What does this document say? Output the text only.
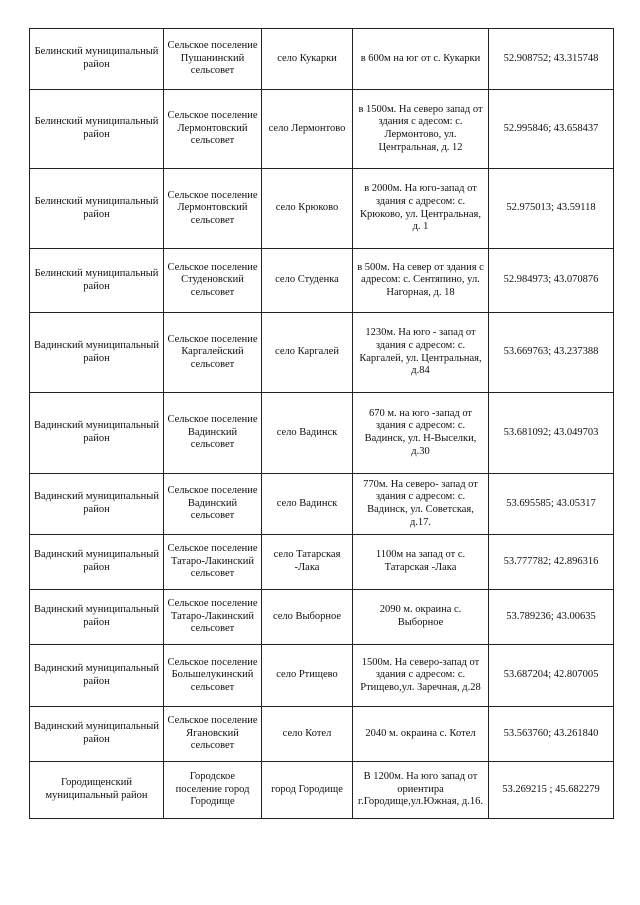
Белинский муниципальный район	Сельское поселение Пушанинский сельсовет	село Кукарки	в 600м на юг от с. Кукарки	52.908752; 43.315748
Белинский муниципальный район	Сельское поселение Лермонтовский сельсовет	село Лермонтово	в 1500м. На северо запад от здания с адесом: с. Лермонтово, ул. Центральная, д. 12	52.995846; 43.658437
Белинский муниципальный район	Сельское поселение Лермонтовский сельсовет	село Крюково	в 2000м. На юго-запад от здания с адресом: с. Крюково, ул. Центральная, д. 1	52.975013; 43.59118
Белинский муниципальный район	Сельское поселение Студеновский сельсовет	село Студенка	в 500м. На север от здания с адресом: с. Сентяпино, ул. Нагорная, д. 18	52.984973; 43.070876
Вадинский муниципальный район	Сельское поселение Каргалейский сельсовет	село Каргалей	1230м. На юго - запад от здания с адресом: с. Каргалей, ул. Центральная, д.84	53.669763; 43.237388
Вадинский муниципальный район	Сельское поселение Вадинский сельсовет	село Вадинск	670 м. на юго -запад от здания с адресом: с. Вадинск, ул. Н-Выселки, д.30	53.681092; 43.049703
Вадинский муниципальный район	Сельское поселение Вадинский сельсовет	село Вадинск	770м. На северо- запад от здания с адресом: с. Вадинск, ул. Советская, д.17.	53.695585; 43.05317
Вадинский муниципальный район	Сельское поселение Татаро-Лакинский сельсовет	село Татарская -Лака	1100м на запад от с. Татарская -Лака	53.777782; 42.896316
Вадинский муниципальный район	Сельское поселение Татаро-Лакинский сельсовет	село Выборное	2090 м. окраина с. Выборное	53.789236; 43.00635
Вадинский муниципальный район	Сельское поселение Большелукинский сельсовет	село Ртищево	1500м. На северо-запад от здания с адресом: с. Ртищево,ул. Заречная, д.28	53.687204; 42.807005
Вадинский муниципальный район	Сельское поселение Ягановский сельсовет	село Котел	2040 м. окраина с. Котел	53.563760; 43.261840
Городищенский муниципальный район	Городское поселение город Городище	город Городище	В 1200м. На юго запад от ориентира г.Городище,ул.Южная, д.16.	53.269215 ; 45.682279
